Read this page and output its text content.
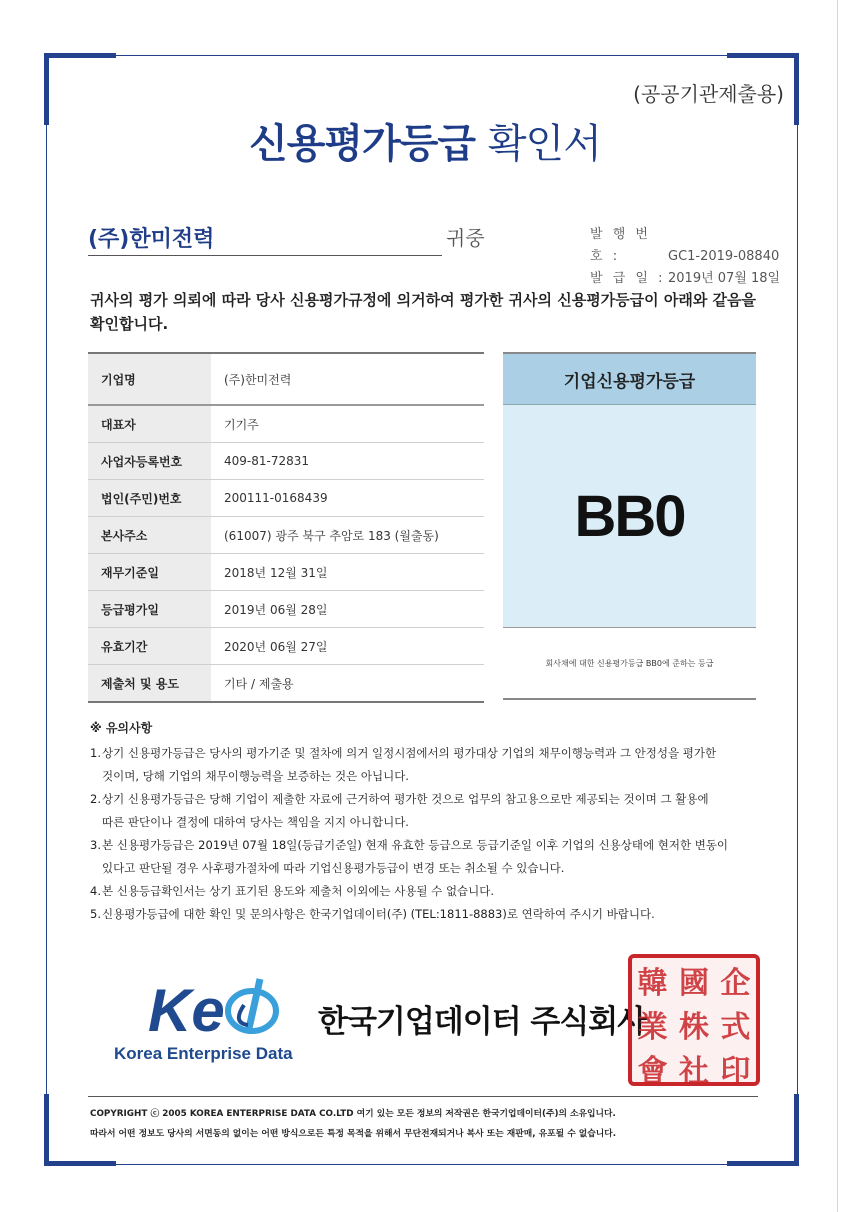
(공공기관제출용)
신용평가등급 확인서
(주)한미전력	귀중	발 행 번 호 :	GC1-2019-08840
발 급 일 : 2019년 07월 18일
귀사의 평가 의뢰에 따라 당사 신용평가규정에 의거하여 평가한 귀사의 신용평가등급이 아래와 같음을 확인합니다.
기업명	(주)한미전력
대표자	기기주
사업자등록번호	409-81-72831
법인(주민)번호	200111-0168439
본사주소	(61007) 광주 북구 추암로 183 (월출동)
재무기준일	2018년 12월 31일
등급평가일	2019년 06월 28일
유효기간	2020년 06월 27일
제출처 및 용도	기타 / 제출용
기업신용평가등급
BB0
회사채에 대한 신용평가등급 BB0에 준하는 등급
※ 유의사항
1. 상기 신용평가등급은 당사의 평가기준 및 절차에 의거 일정시점에서의 평가대상 기업의 채무이행능력과 그 안정성을 평가한
것이며, 당해 기업의 채무이행능력을 보증하는 것은 아닙니다.
2. 상기 신용평가등급은 당해 기업이 제출한 자료에 근거하여 평가한 것으로 업무의 참고용으로만 제공되는 것이며 그 활용에
따른 판단이나 결정에 대하여 당사는 책임을 지지 아니합니다.
3. 본 신용평가등급은 2019년 07월 18일(등급기준일) 현재 유효한 등급으로 등급기준일 이후 기업의 신용상태에 현저한 변동이
있다고 판단될 경우 사후평가절차에 따라 기업신용평가등급이 변경 또는 취소될 수 있습니다.
4. 본 신용등급확인서는 상기 표기된 용도와 제출처 이외에는 사용될 수 없습니다.
5. 신용평가등급에 대한 확인 및 문의사항은 한국기업데이터(주) (TEL:1811-8883)로 연락하여 주시기 바랍니다.
Ke
Korea Enterprise Data
한국기업데이터 주식회사
韓 國 企
業 株 式
會 社 印
COPYRIGHT ⓒ 2005 KOREA ENTERPRISE DATA CO.LTD 여기 있는 모든 정보의 저작권은 한국기업데이터(주)의 소유입니다.
따라서 어떤 정보도 당사의 서면동의 없이는 어떤 방식으로든 특정 목적을 위해서 무단전재되거나 복사 또는 재판매, 유포될 수 없습니다.
